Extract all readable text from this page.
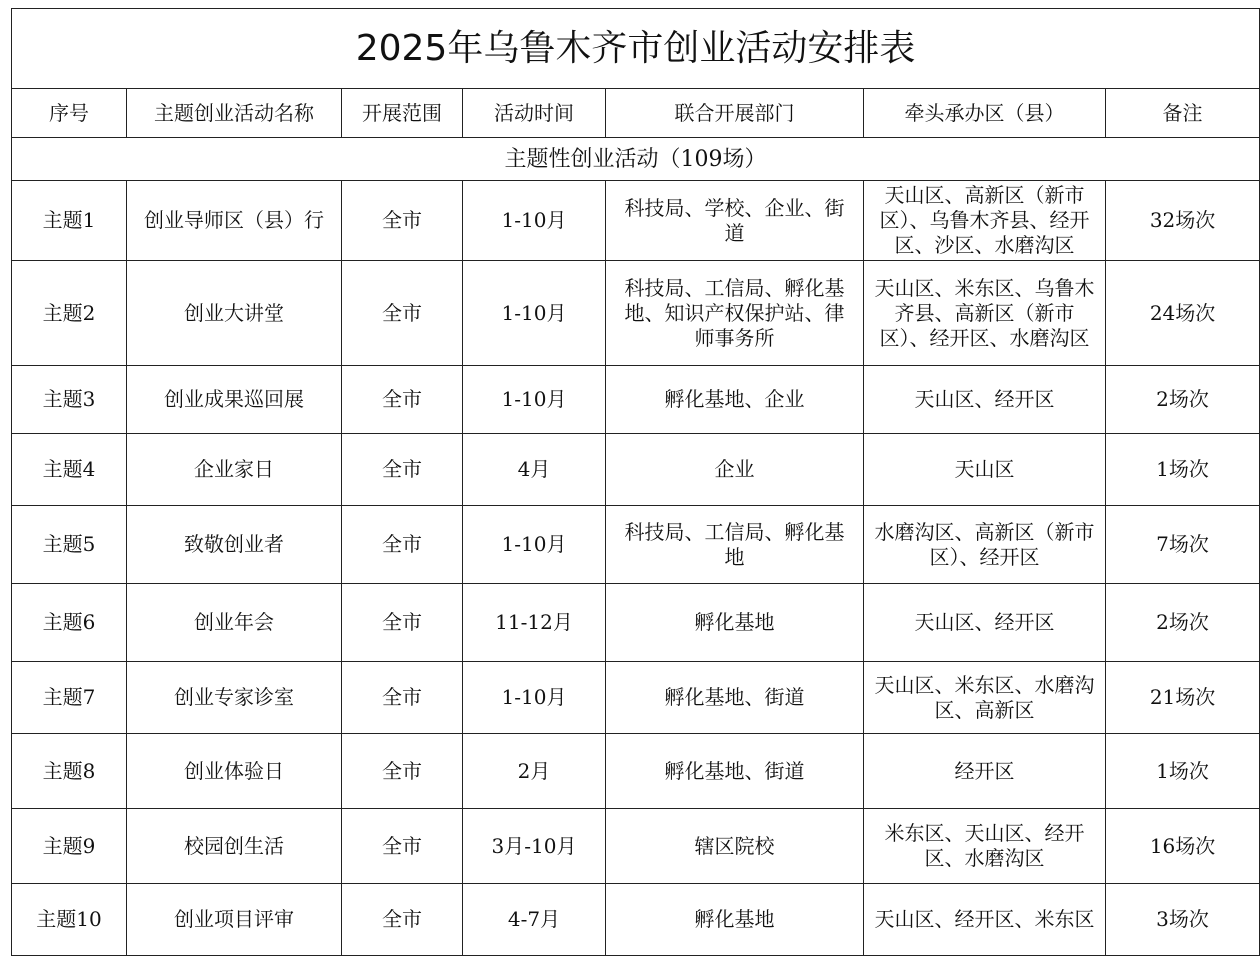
2025年乌鲁木齐市创业活动安排表						
序号	主题创业活动名称	开展范围	活动时间	联合开展部门	牵头承办区（县）	备注
主题性创业活动（109场）						
主题1	创业导师区（县）行	全市	1-10月	科技局、学校、企业、街道	天山区、高新区（新市区）、乌鲁木齐县、经开区、沙区、水磨沟区	32场次
主题2	创业大讲堂	全市	1-10月	科技局、工信局、孵化基地、知识产权保护站、律师事务所	天山区、米东区、乌鲁木齐县、高新区（新市区）、经开区、水磨沟区	24场次
主题3	创业成果巡回展	全市	1-10月	孵化基地、企业	天山区、经开区	2场次
主题4	企业家日	全市	4月	企业	天山区	1场次
主题5	致敬创业者	全市	1-10月	科技局、工信局、孵化基地	水磨沟区、高新区（新市区）、经开区	7场次
主题6	创业年会	全市	11-12月	孵化基地	天山区、经开区	2场次
主题7	创业专家诊室	全市	1-10月	孵化基地、街道	天山区、米东区、水磨沟区、高新区	21场次
主题8	创业体验日	全市	2月	孵化基地、街道	经开区	1场次
主题9	校园创生活	全市	3月-10月	辖区院校	米东区、天山区、经开区、水磨沟区	16场次
主题10	创业项目评审	全市	4-7月	孵化基地	天山区、经开区、米东区	3场次
